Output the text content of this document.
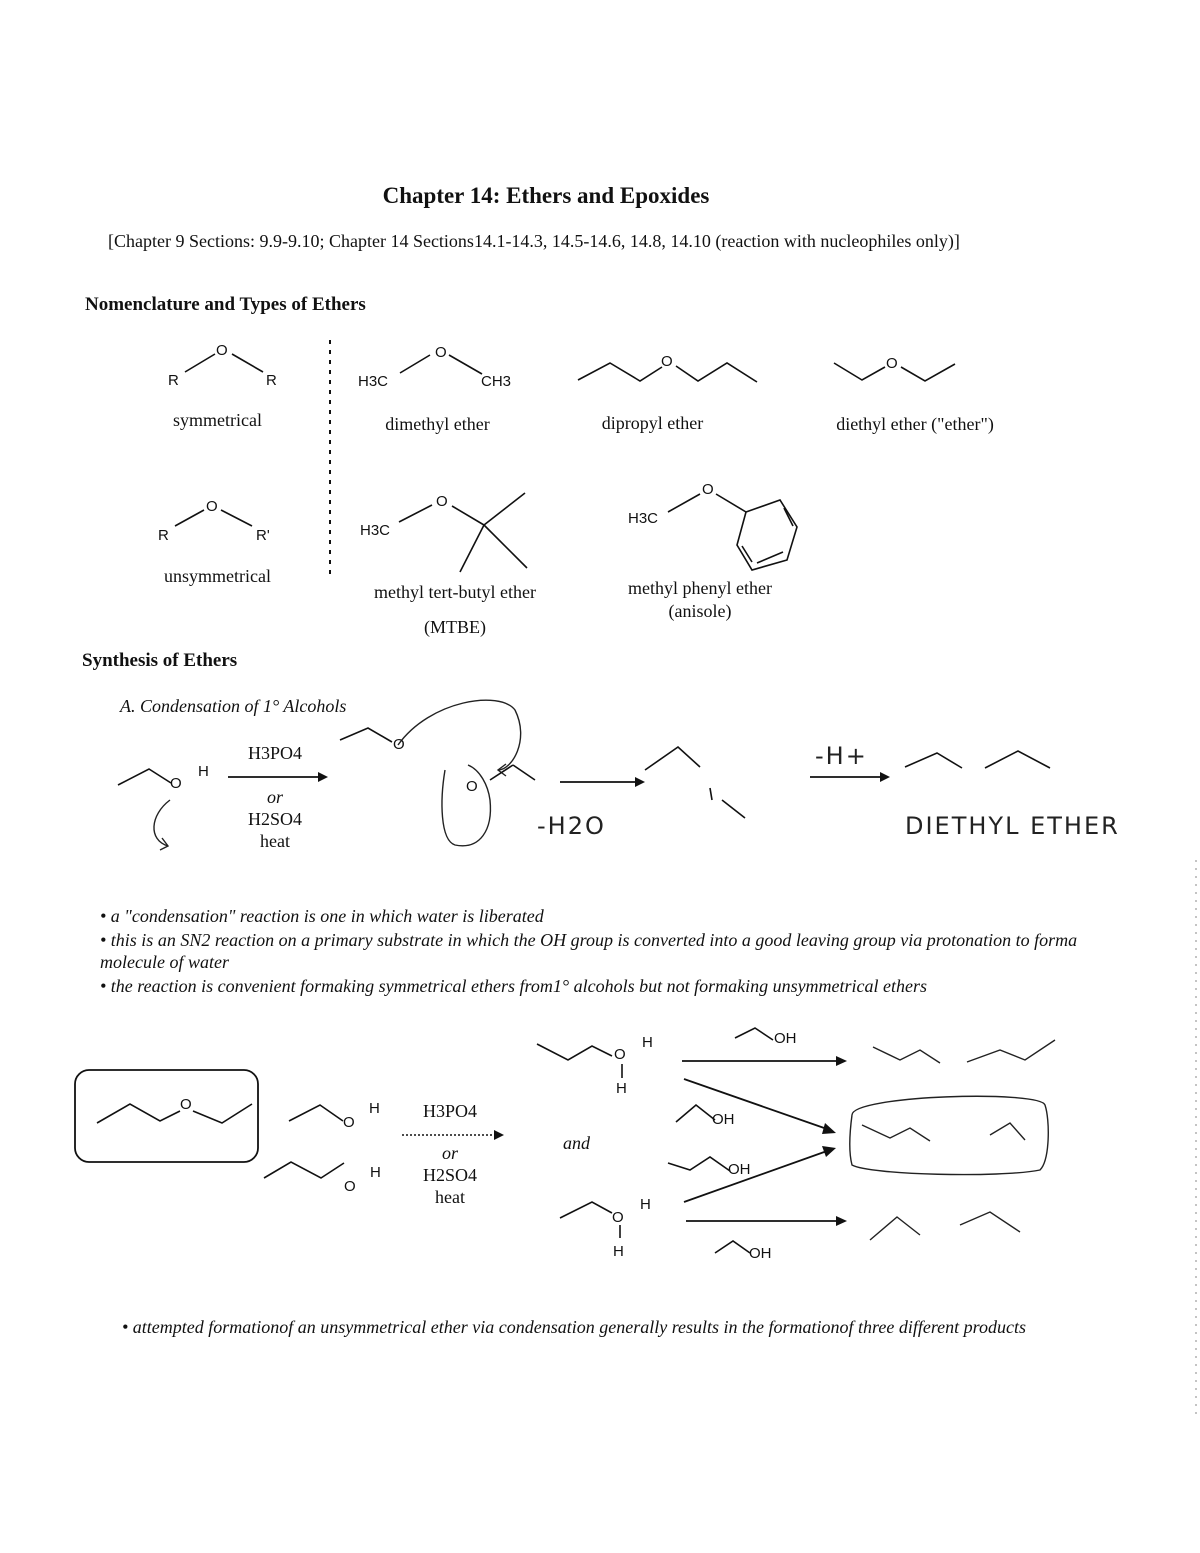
Chapter 14: Ethers and Epoxides
[Chapter 9 Sections: 9.9-9.10; Chapter 14 Sections14.1-14.3, 14.5-14.6, 14.8, 14.10 (reaction with nucleophiles only)]
Nomenclature and Types of Ethers
O
R	R
symmetrical
O
R	R'
unsymmetrical
O
H3C	CH3
dimethyl ether
O
dipropyl ether
O
diethyl ether ("ether")
O
H3C
methyl tert-butyl ether
(MTBE)
O
H3C
methyl phenyl ether
(anisole)
Synthesis of Ethers
A. Condensation of 1° Alcohols
O
H
O
O
H3PO4
or
H2SO4
heat
-H2O
-H+
DIETHYL ETHER
• a "condensation" reaction is one in which water is liberated
• this is an SN2 reaction on a primary substrate in which the OH group is converted into a good leaving group via protonation to forma molecule of water
• the reaction is convenient formaking symmetrical ethers from1° alcohols but not formaking unsymmetrical ethers
O
O
H
O
H
H3PO4
or
H2SO4
heat
O
H
H
and
O
H
H
OH
OH
OH
OH
• attempted formationof an unsymmetrical ether via condensation generally results in the formationof three different products
